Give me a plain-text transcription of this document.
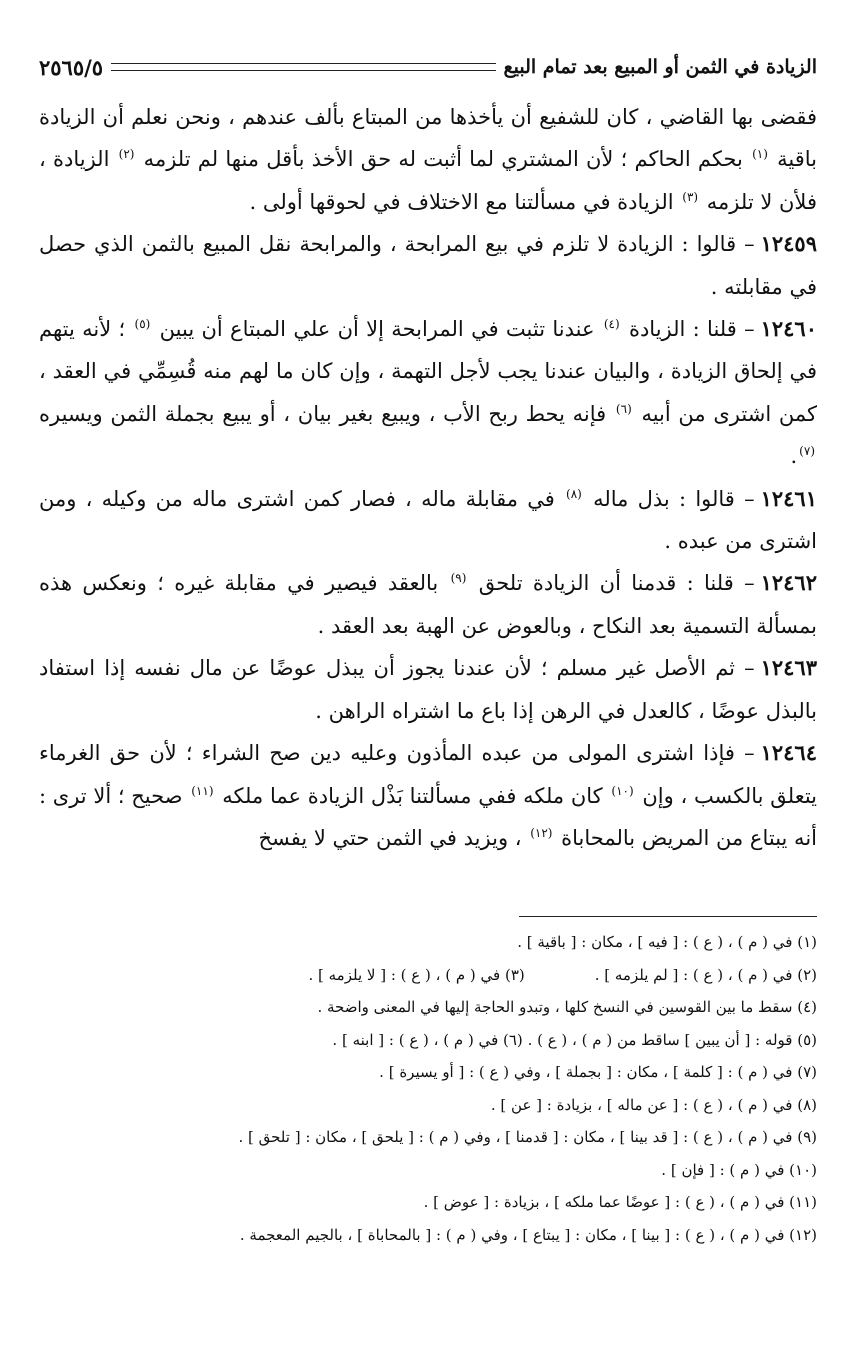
الزيادة في الثمن أو المبيع بعد تمام البيع
٢٥٦٥/٥

فقضى بها القاضي ، كان للشفيع أن يأخذها من المبتاع بألف عندهم ، ونحن نعلم أن الزيادة باقية $^{(١)}$ بحكم الحاكم ؛ لأن المشتري لما أثبت له حق الأخذ بأقل منها لم تلزمه $^{(٢)}$ الزيادة ، فلأن لا تلزمه $^{(٣)}$ الزيادة في مسألتنا مع الاختلاف في لحوقها أولى .

١٢٤٥٩– قالوا : الزيادة لا تلزم في بيع المرابحة ، والمرابحة نقل المبيع بالثمن الذي حصل في مقابلته .

١٢٤٦٠– قلنا : الزيادة $^{(٤)}$ عندنا تثبت في المرابحة إلا أن علي المبتاع أن يبين $^{(٥)}$ ؛ لأنه يتهم في إلحاق الزيادة ، والبيان عندنا يجب لأجل التهمة ، وإن كان ما لهم منه قُسِمِّي في العقد ، كمن اشترى من أبيه $^{(٦)}$ فإنه يحط ربح الأب ، ويبيع بغير بيان ، أو يبيع بجملة الثمن ويسيره $^{(٧)}$.

١٢٤٦١– قالوا : بذل ماله $^{(٨)}$ في مقابلة ماله ، فصار كمن اشترى ماله من وكيله ، ومن اشترى من عبده .

١٢٤٦٢– قلنا : قدمنا أن الزيادة تلحق $^{(٩)}$ بالعقد فيصير في مقابلة غيره ؛ ونعكس هذه بمسألة التسمية بعد النكاح ، وبالعوض عن الهبة بعد العقد .

١٢٤٦٣– ثم الأصل غير مسلم ؛ لأن عندنا يجوز أن يبذل عوضًا عن مال نفسه إذا استفاد بالبذل عوضًا ، كالعدل في الرهن إذا باع ما اشتراه الراهن .

١٢٤٦٤– فإذا اشترى المولى من عبده المأذون وعليه دين صح الشراء ؛ لأن حق الغرماء يتعلق بالكسب ، وإن $^{(١٠)}$ كان ملكه ففي مسألتنا بَذْل الزيادة عما ملكه $^{(١١)}$ صحيح ؛ ألا ترى : أنه يبتاع من المريض بالمحاباة $^{(١٢)}$ ، ويزيد في الثمن حتي لا يفسخ

(١) في ( م ) ، ( ع ) : [ فيه ] ، مكان : [ باقية ] .
(٢) في ( م ) ، ( ع ) : [ لم يلزمه ] .(٣) في ( م ) ، ( ع ) : [ لا يلزمه ] .
(٤) سقط ما بين القوسين في النسخ كلها ، وتبدو الحاجة إليها في المعنى واضحة .
(٥) قوله : [ أن يبين ] ساقط من ( م ) ، ( ع ) . (٦) في ( م ) ، ( ع ) : [ ابنه ] .
(٧) في ( م ) : [ كلمة ] ، مكان : [ بجملة ] ، وفي ( ع ) : [ أو يسيرة ] .
(٨) في ( م ) ، ( ع ) : [ عن ماله ] ، بزيادة : [ عن ] .
(٩) في ( م ) ، ( ع ) : [ قد بينا ] ، مكان : [ قدمنا ] ، وفي ( م ) : [ يلحق ] ، مكان : [ تلحق ] .
(١٠) في ( م ) : [ فإن ] .
(١١) في ( م ) ، ( ع ) : [ عوضًا عما ملكه ] ، بزيادة : [ عوض ] .
(١٢) في ( م ) ، ( ع ) : [ بينا ] ، مكان : [ يبتاع ] ، وفي ( م ) : [ بالمحاباة ] ، بالجيم المعجمة .
